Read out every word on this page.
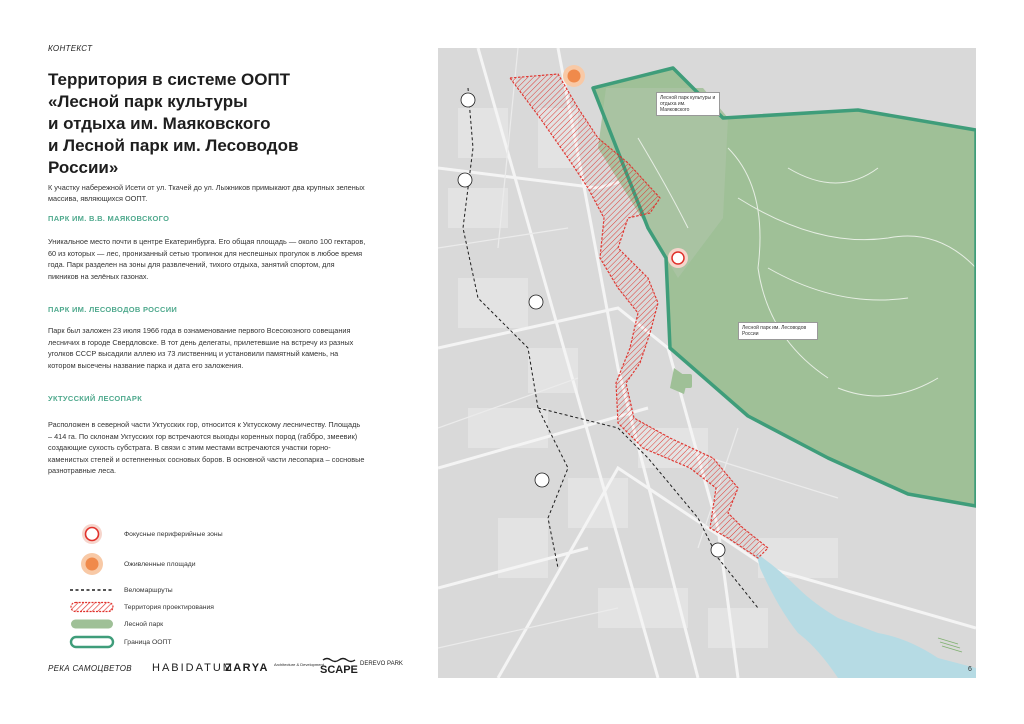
КОНТЕКСТ
Территория в системе ООПТ
«Лесной парк культуры
и отдыха им. Маяковского
и Лесной парк им. Лесоводов
России»

К участку набережной Исети от ул. Ткачей до ул. Лыжников примыкают два крупных зеленых массива, являющихся ООПТ.

ПАРК ИМ. В.В. МАЯКОВСКОГО

Уникальное место почти в центре Екатеринбурга. Его общая площадь — около 100 гектаров, 60 из которых — лес, пронизанный сетью тропинок для неспешных прогулок в любое время года. Парк разделен на зоны для развлечений, тихого отдыха, занятий спортом, для пикников на зелёных газонах.

ПАРК ИМ. ЛЕСОВОДОВ РОССИИ

Парк был заложен 23 июля 1966 года в ознаменование первого Всесоюзного совещания лесничих в городе Свердловске. В тот день делегаты, прилетевшие на встречу из разных уголков СССР высадили аллею из 73 лиственниц и установили памятный камень, на котором высечены название парка и дата его заложения.

УКТУССКИЙ ЛЕСОПАРК

Расположен в северной части Уктусских гор, относится к Уктусскому лесничеству. Площадь – 414 га. По склонам Уктусских гор встречаются выходы коренных пород (габбро, змеевик) создающие сухость субстрата. В связи с этим местами встречаются участки горно-каменистых степей и остепненных сосновых боров. В основной части лесопарка – сосновые разнотравные леса.

Фокусные периферийные зоны
Оживленные площади
Веломаршруты
Территория проектирования
Лесной парк
Граница ООПТ
РЕКА САМОЦВЕТОВ HABIDATUM
ZARYA Architecture & Development
SCAPE DEREVO PARK
Лесной парк культуры и отдыха им. Маяковского
Лесной парк им. Лесоводов России
6
